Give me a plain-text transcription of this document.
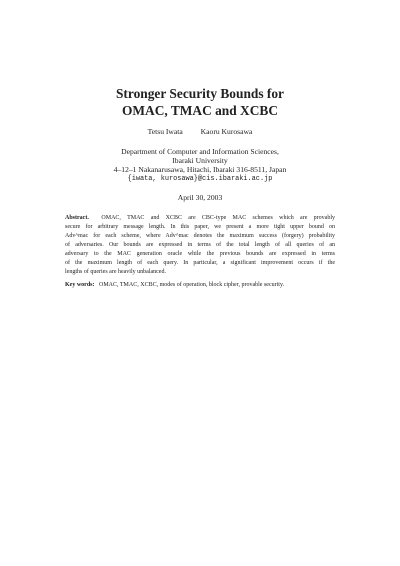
Stronger Security Bounds for
OMAC, TMAC and XCBC
Tetsu Iwata Kaoru Kurosawa
Department of Computer and Information Sciences,
Ibaraki University
4–12–1 Nakanarusawa, Hitachi, Ibaraki 316-8511, Japan
{iwata, kurosawa}@cis.ibaraki.ac.jp
April 30, 2003
Abstract. OMAC, TMAC and XCBC are CBC-type MAC schemes which are provably
secure for arbitrary message length. In this paper, we present a more tight upper bound on
Adv^mac for each scheme, where Adv^mac denotes the maximum success (forgery) probability
of adversaries. Our bounds are expressed in terms of the total length of all queries of an
adversary to the MAC generation oracle while the previous bounds are expressed in terms
of the maximum length of each query. In particular, a significant improvement occurs if the
lengths of queries are heavily unbalanced.
Key words: OMAC, TMAC, XCBC, modes of operation, block cipher, provable security.
